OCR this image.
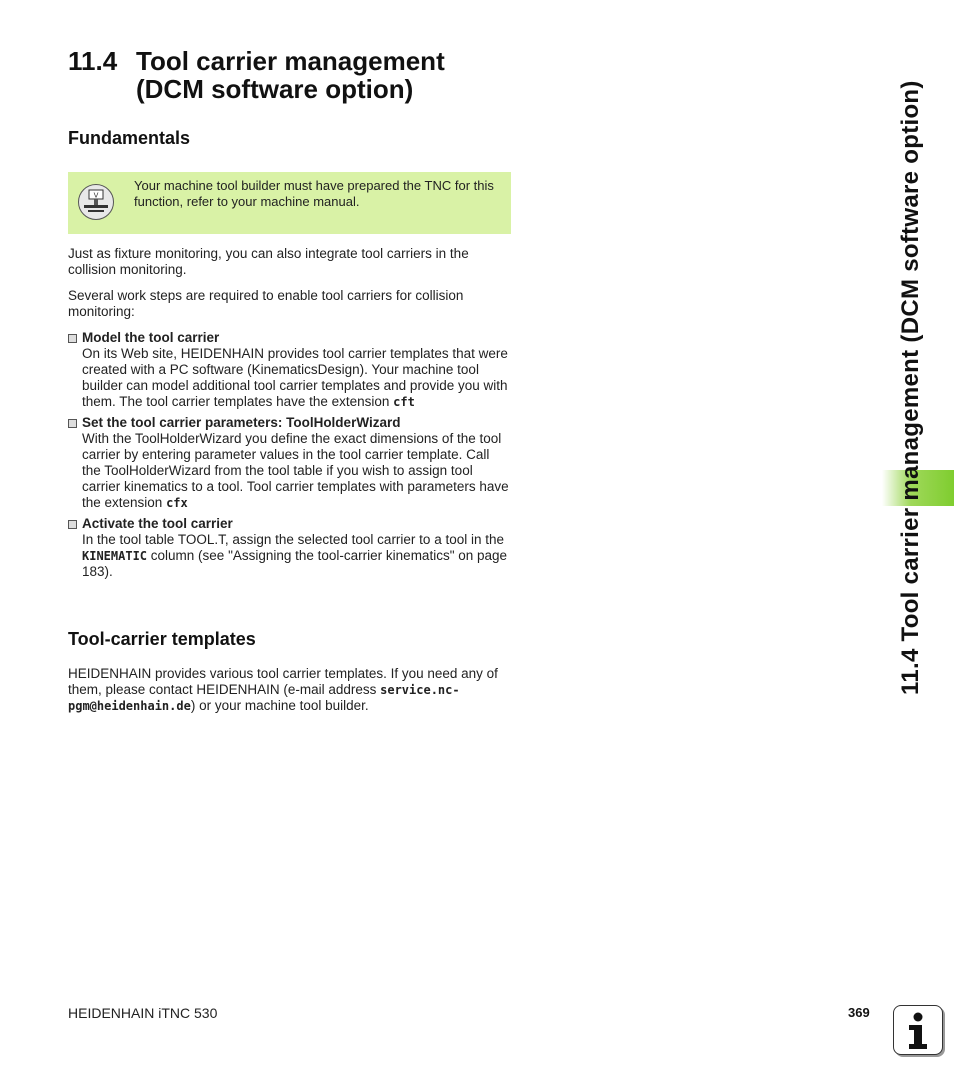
11.4 Tool carrier management
(DCM software option)
Fundamentals
V
Your machine tool builder must have prepared the TNC for this function, refer to your machine manual.

Just as fixture monitoring, you can also integrate tool carriers in the collision monitoring.

Several work steps are required to enable tool carriers for collision monitoring:

Model the tool carrier
On its Web site, HEIDENHAIN provides tool carrier templates that were created with a PC software (KinematicsDesign). Your machine tool builder can model additional tool carrier templates and provide you with them. The tool carrier templates have the extension cft
Set the tool carrier parameters: ToolHolderWizard
With the ToolHolderWizard you define the exact dimensions of the tool carrier by entering parameter values in the tool carrier template. Call the ToolHolderWizard from the tool table if you wish to assign tool carrier kinematics to a tool. Tool carrier templates with parameters have the extension cfx
Activate the tool carrier
In the tool table TOOL.T, assign the selected tool carrier to a tool in the KINEMATIC column (see "Assigning the tool-carrier kinematics" on page 183).
Tool-carrier templates

HEIDENHAIN provides various tool carrier templates. If you need any of them, please contact HEIDENHAIN (e-mail address service.nc-pgm@heidenhain.de) or your machine tool builder.

11.4 Tool carrier management (DCM software option)
HEIDENHAIN iTNC 530	369
